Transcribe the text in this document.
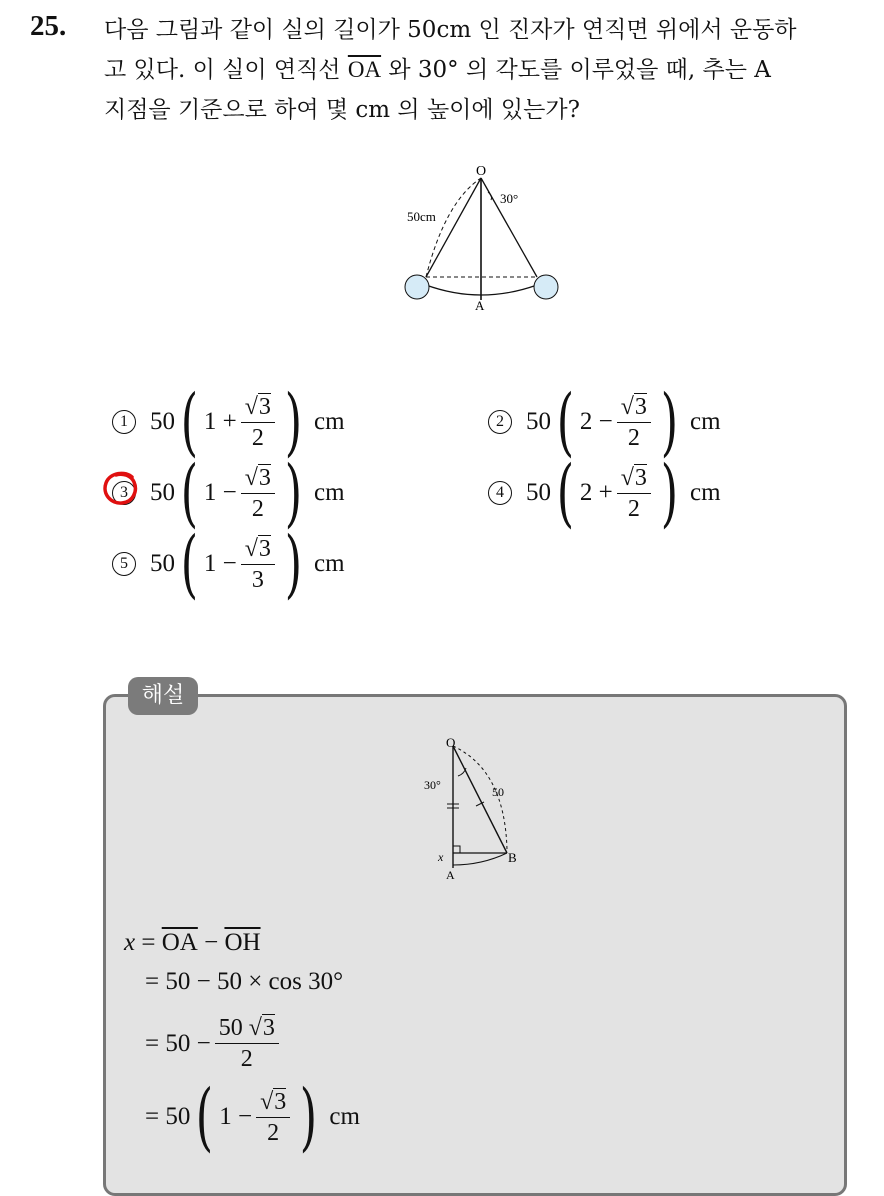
25. 다음 그림과 같이 실의 길이가 50cm 인 진자가 연직면 위에서 운동하
고 있다. 이 실이 연직선 $\overline{OA}$ 와 30° 의 각도를 이루었을 때, 추는 A
지점을 기준으로 하여 몇 cm 의 높이에 있는가?
O
A
50cm
30°
1 50 ( 1
+ $\frac{√3}{2}$ )
cm	2 50 ( 2
− $\frac{√3}{2}$ )
cm
3 50 ( 1
− $\frac{√3}{2}$ )
cm	4 50 ( 2
+ $\frac{√3}{2}$ )
cm
5 50 ( 1
− $\frac{√3}{3}$ )
cm
해설
O
30°	50
x	B
A
x
=
$\overline{OA}$
−
$\overline{OH}$
= 50 − 50 × cos 30°
= $50 - \frac{50 √3}{2}$
= 50 ( 1
− $\frac{√3}{2}$ )
cm
